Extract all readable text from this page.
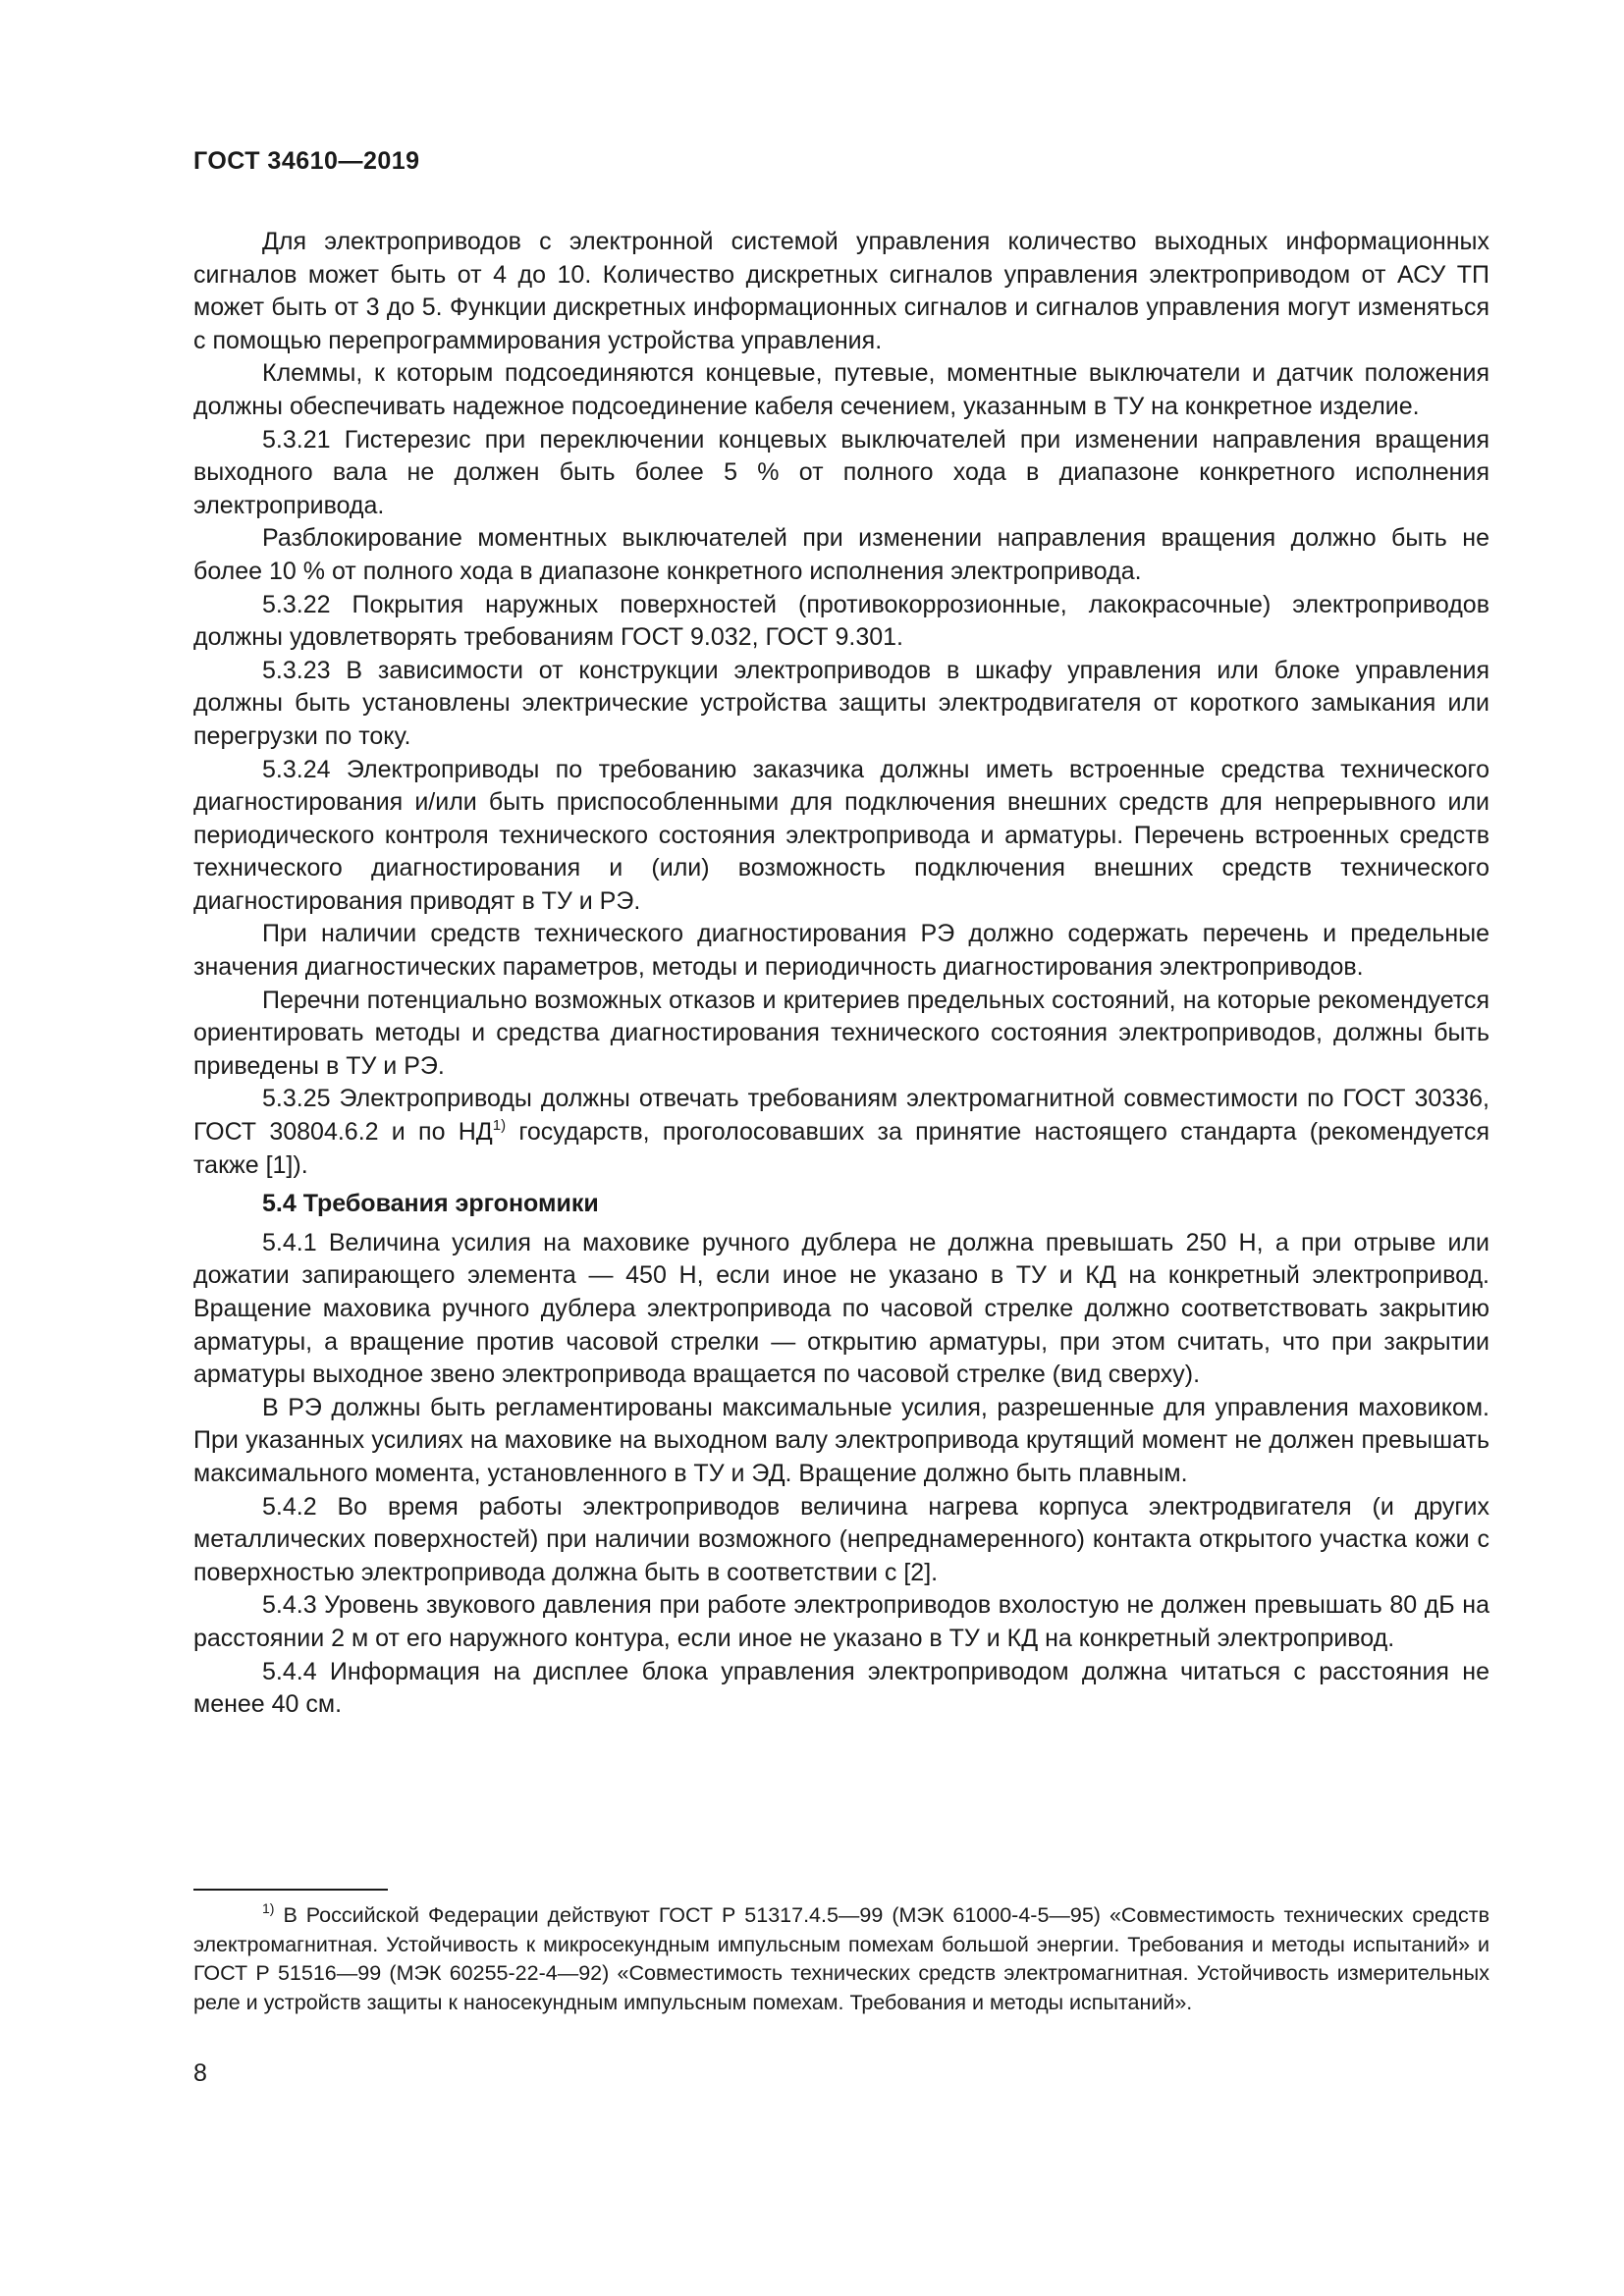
ГОСТ 34610—2019

Для электроприводов с электронной системой управления количество выходных информационных сигналов может быть от 4 до 10. Количество дискретных сигналов управления электроприводом от АСУ ТП может быть от 3 до 5. Функции дискретных информационных сигналов и сигналов управления могут изменяться с помощью перепрограммирования устройства управления.

Клеммы, к которым подсоединяются концевые, путевые, моментные выключатели и датчик положения должны обеспечивать надежное подсоединение кабеля сечением, указанным в ТУ на конкретное изделие.

5.3.21 Гистерезис при переключении концевых выключателей при изменении направления вращения выходного вала не должен быть более 5 % от полного хода в диапазоне конкретного исполнения электропривода.

Разблокирование моментных выключателей при изменении направления вращения должно быть не более 10 % от полного хода в диапазоне конкретного исполнения электропривода.

5.3.22 Покрытия наружных поверхностей (противокоррозионные, лакокрасочные) электроприводов должны удовлетворять требованиям ГОСТ 9.032, ГОСТ 9.301.

5.3.23 В зависимости от конструкции электроприводов в шкафу управления или блоке управления должны быть установлены электрические устройства защиты электродвигателя от короткого замыкания или перегрузки по току.

5.3.24 Электроприводы по требованию заказчика должны иметь встроенные средства технического диагностирования и/или быть приспособленными для подключения внешних средств для непрерывного или периодического контроля технического состояния электропривода и арматуры. Перечень встроенных средств технического диагностирования и (или) возможность подключения внешних средств технического диагностирования приводят в ТУ и РЭ.

При наличии средств технического диагностирования РЭ должно содержать перечень и предельные значения диагностических параметров, методы и периодичность диагностирования электроприводов.

Перечни потенциально возможных отказов и критериев предельных состояний, на которые рекомендуется ориентировать методы и средства диагностирования технического состояния электроприводов, должны быть приведены в ТУ и РЭ.

5.3.25 Электроприводы должны отвечать требованиям электромагнитной совместимости по ГОСТ 30336, ГОСТ 30804.6.2 и по НД$^{1)}$ государств, проголосовавших за принятие настоящего стандарта (рекомендуется также [1]).

5.4 Требования эргономики

5.4.1 Величина усилия на маховике ручного дублера не должна превышать 250 Н, а при отрыве или дожатии запирающего элемента — 450 Н, если иное не указано в ТУ и КД на конкретный электропривод. Вращение маховика ручного дублера электропривода по часовой стрелке должно соответствовать закрытию арматуры, а вращение против часовой стрелки — открытию арматуры, при этом считать, что при закрытии арматуры выходное звено электропривода вращается по часовой стрелке (вид сверху).

В РЭ должны быть регламентированы максимальные усилия, разрешенные для управления маховиком. При указанных усилиях на маховике на выходном валу электропривода крутящий момент не должен превышать максимального момента, установленного в ТУ и ЭД. Вращение должно быть плавным.

5.4.2 Во время работы электроприводов величина нагрева корпуса электродвигателя (и других металлических поверхностей) при наличии возможного (непреднамеренного) контакта открытого участка кожи с поверхностью электропривода должна быть в соответствии с [2].

5.4.3 Уровень звукового давления при работе электроприводов вхолостую не должен превышать 80 дБ на расстоянии 2 м от его наружного контура, если иное не указано в ТУ и КД на конкретный электропривод.

5.4.4 Информация на дисплее блока управления электроприводом должна читаться с расстояния не менее 40 см.

$^{1)}$ В Российской Федерации действуют ГОСТ Р 51317.4.5—99 (МЭК 61000-4-5—95) «Совместимость технических средств электромагнитная. Устойчивость к микросекундным импульсным помехам большой энергии. Требования и методы испытаний» и ГОСТ Р 51516—99 (МЭК 60255-22-4—92) «Совместимость технических средств электромагнитная. Устойчивость измерительных реле и устройств защиты к наносекундным импульсным помехам. Требования и методы испытаний».

8
